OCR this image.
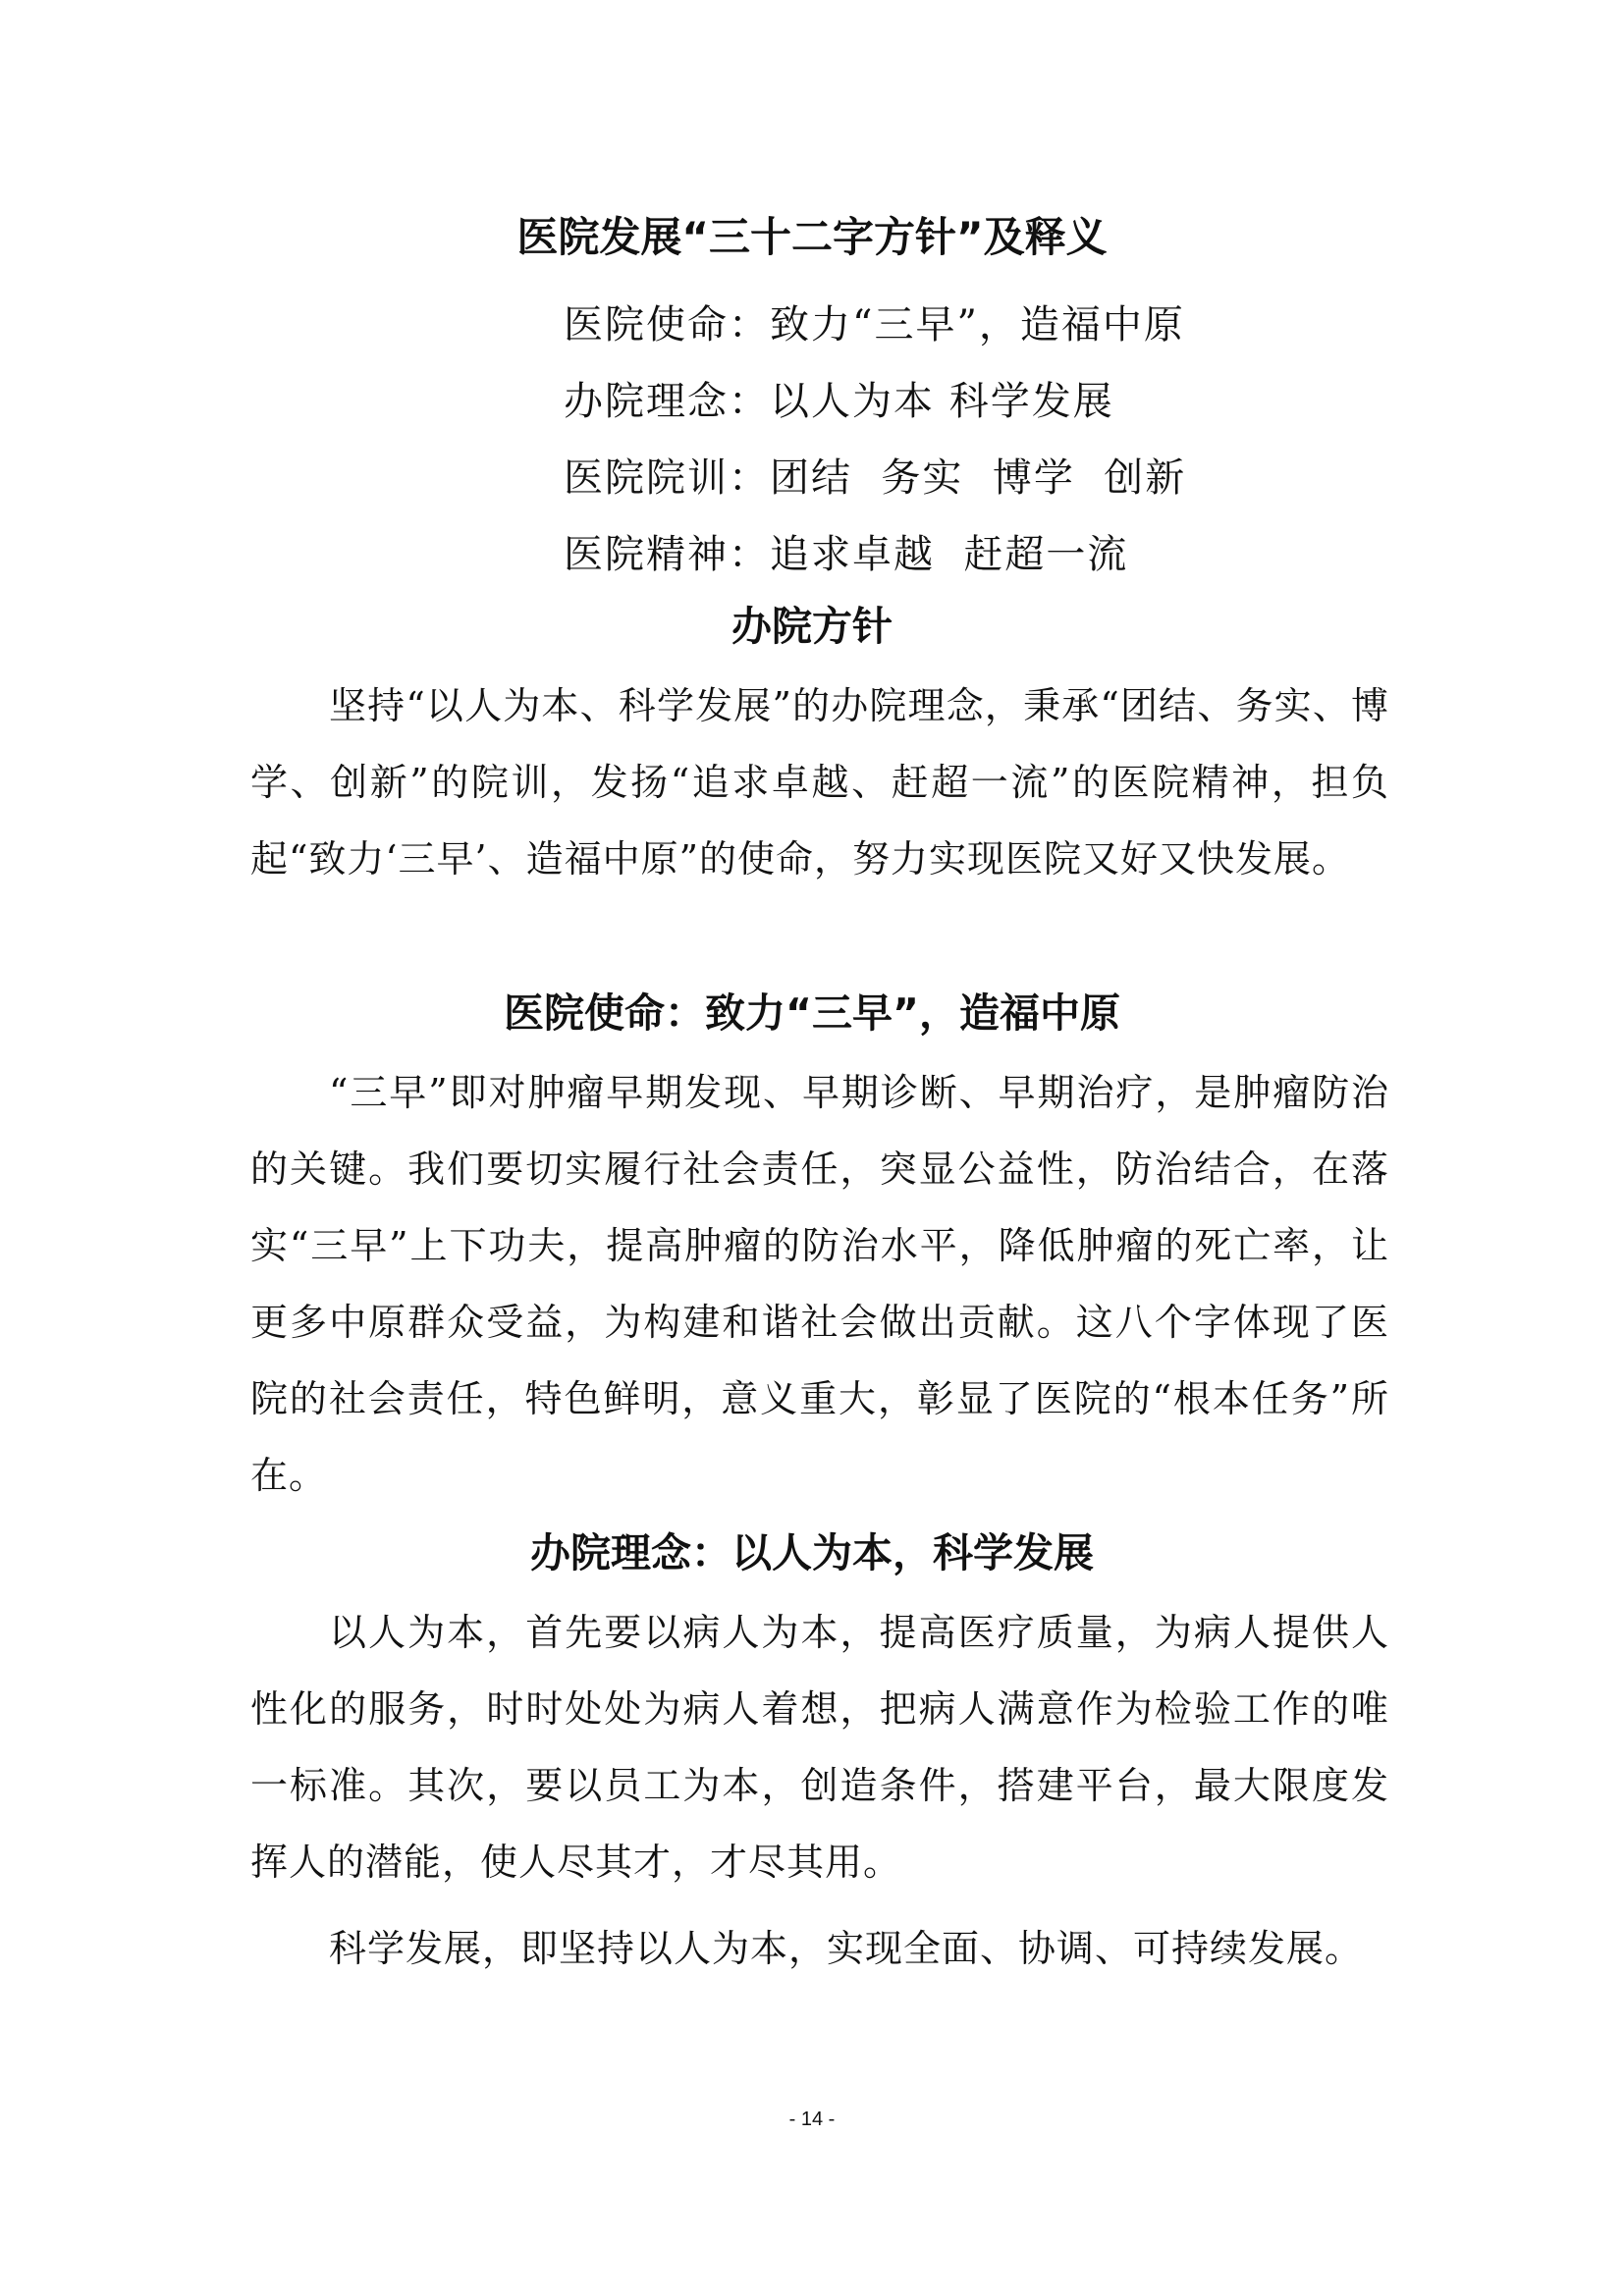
医院发展“三十二字方针”及释义
医院使命：致力“三早”，造福中原
办院理念：以人为本 科学发展
医院院训：团结  务实  博学  创新
医院精神：追求卓越  赶超一流
办院方针

坚持“以人为本、科学发展”的办院理念，秉承“团结、务实、博学、创新”的院训，发扬“追求卓越、赶超一流”的医院精神，担负起“致力‘三早’、造福中原”的使命，努力实现医院又好又快发展。

医院使命：致力“三早”，造福中原

“三早”即对肿瘤早期发现、早期诊断、早期治疗，是肿瘤防治的关键。我们要切实履行社会责任，突显公益性，防治结合，在落实“三早”上下功夫，提高肿瘤的防治水平，降低肿瘤的死亡率，让更多中原群众受益，为构建和谐社会做出贡献。这八个字体现了医院的社会责任，特色鲜明，意义重大，彰显了医院的“根本任务”所在。

办院理念：以人为本，科学发展

以人为本，首先要以病人为本，提高医疗质量，为病人提供人性化的服务，时时处处为病人着想，把病人满意作为检验工作的唯一标准。其次，要以员工为本，创造条件，搭建平台，最大限度发挥人的潜能，使人尽其才，才尽其用。

科学发展，即坚持以人为本，实现全面、协调、可持续发展。

- 14 -
